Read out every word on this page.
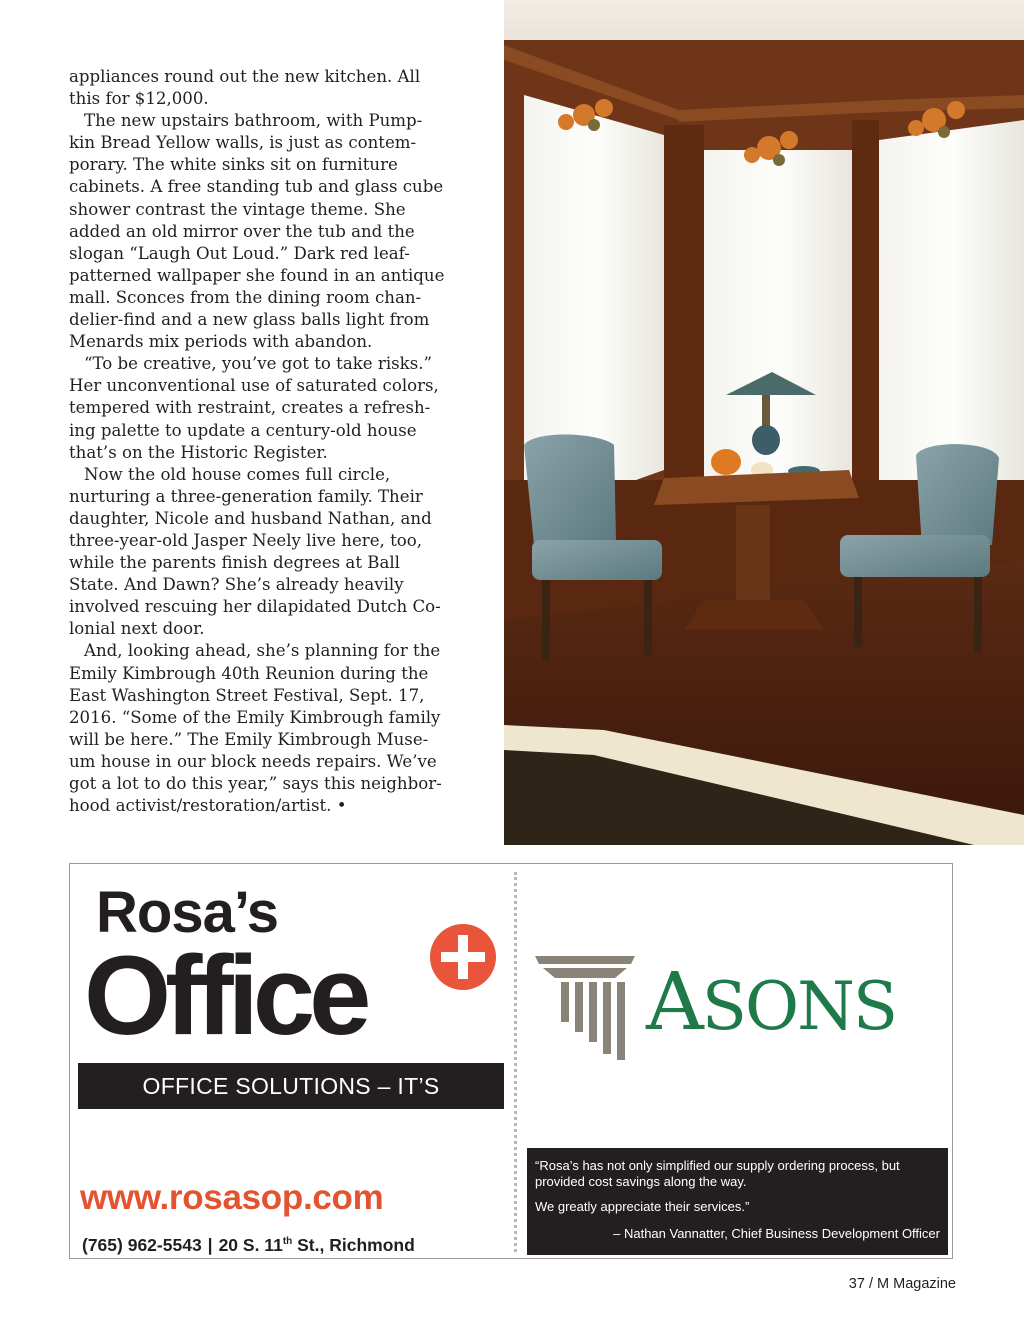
appliances round out the new kitchen. All
this for $12,000.

The new upstairs bathroom, with Pump-
kin Bread Yellow walls, is just as contem-
porary. The white sinks sit on furniture
cabinets. A free standing tub and glass cube
shower contrast the vintage theme. She
added an old mirror over the tub and the
slogan “Laugh Out Loud.” Dark red leaf-
patterned wallpaper she found in an antique
mall. Sconces from the dining room chan-
delier-find and a new glass balls light from
Menards mix periods with abandon.

“To be creative, you’ve got to take risks.”
Her unconventional use of saturated colors,
tempered with restraint, creates a refresh-
ing palette to update a century-old house
that’s on the Historic Register.

Now the old house comes full circle,
nurturing a three-generation family. Their
daughter, Nicole and husband Nathan, and
three-year-old Jasper Neely live here, too,
while the parents finish degrees at Ball
State. And Dawn? She’s already heavily
involved rescuing her dilapidated Dutch Co-
lonial next door.

And, looking ahead, she’s planning for the
Emily Kimbrough 40th Reunion during the
East Washington Street Festival, Sept. 17,
2016. “Some of the Emily Kimbrough family
will be here.” The Emily Kimbrough Muse-
um house in our block needs repairs. We’ve
got a lot to do this year,” says this neighbor-
hood activist/restoration/artist. •

Rosa’s
Office
OFFICE SOLUTIONS – IT’S PERSONAL
www.rosasop.com
(765) 962-5543 | 20 S. 11th St., Richmond
ASONS
“Rosa’s has not only simplified our supply ordering process, but provided cost savings along the way.
We greatly appreciate their services.”
– Nathan Vannatter, Chief Business Development Officer
37 / M Magazine
